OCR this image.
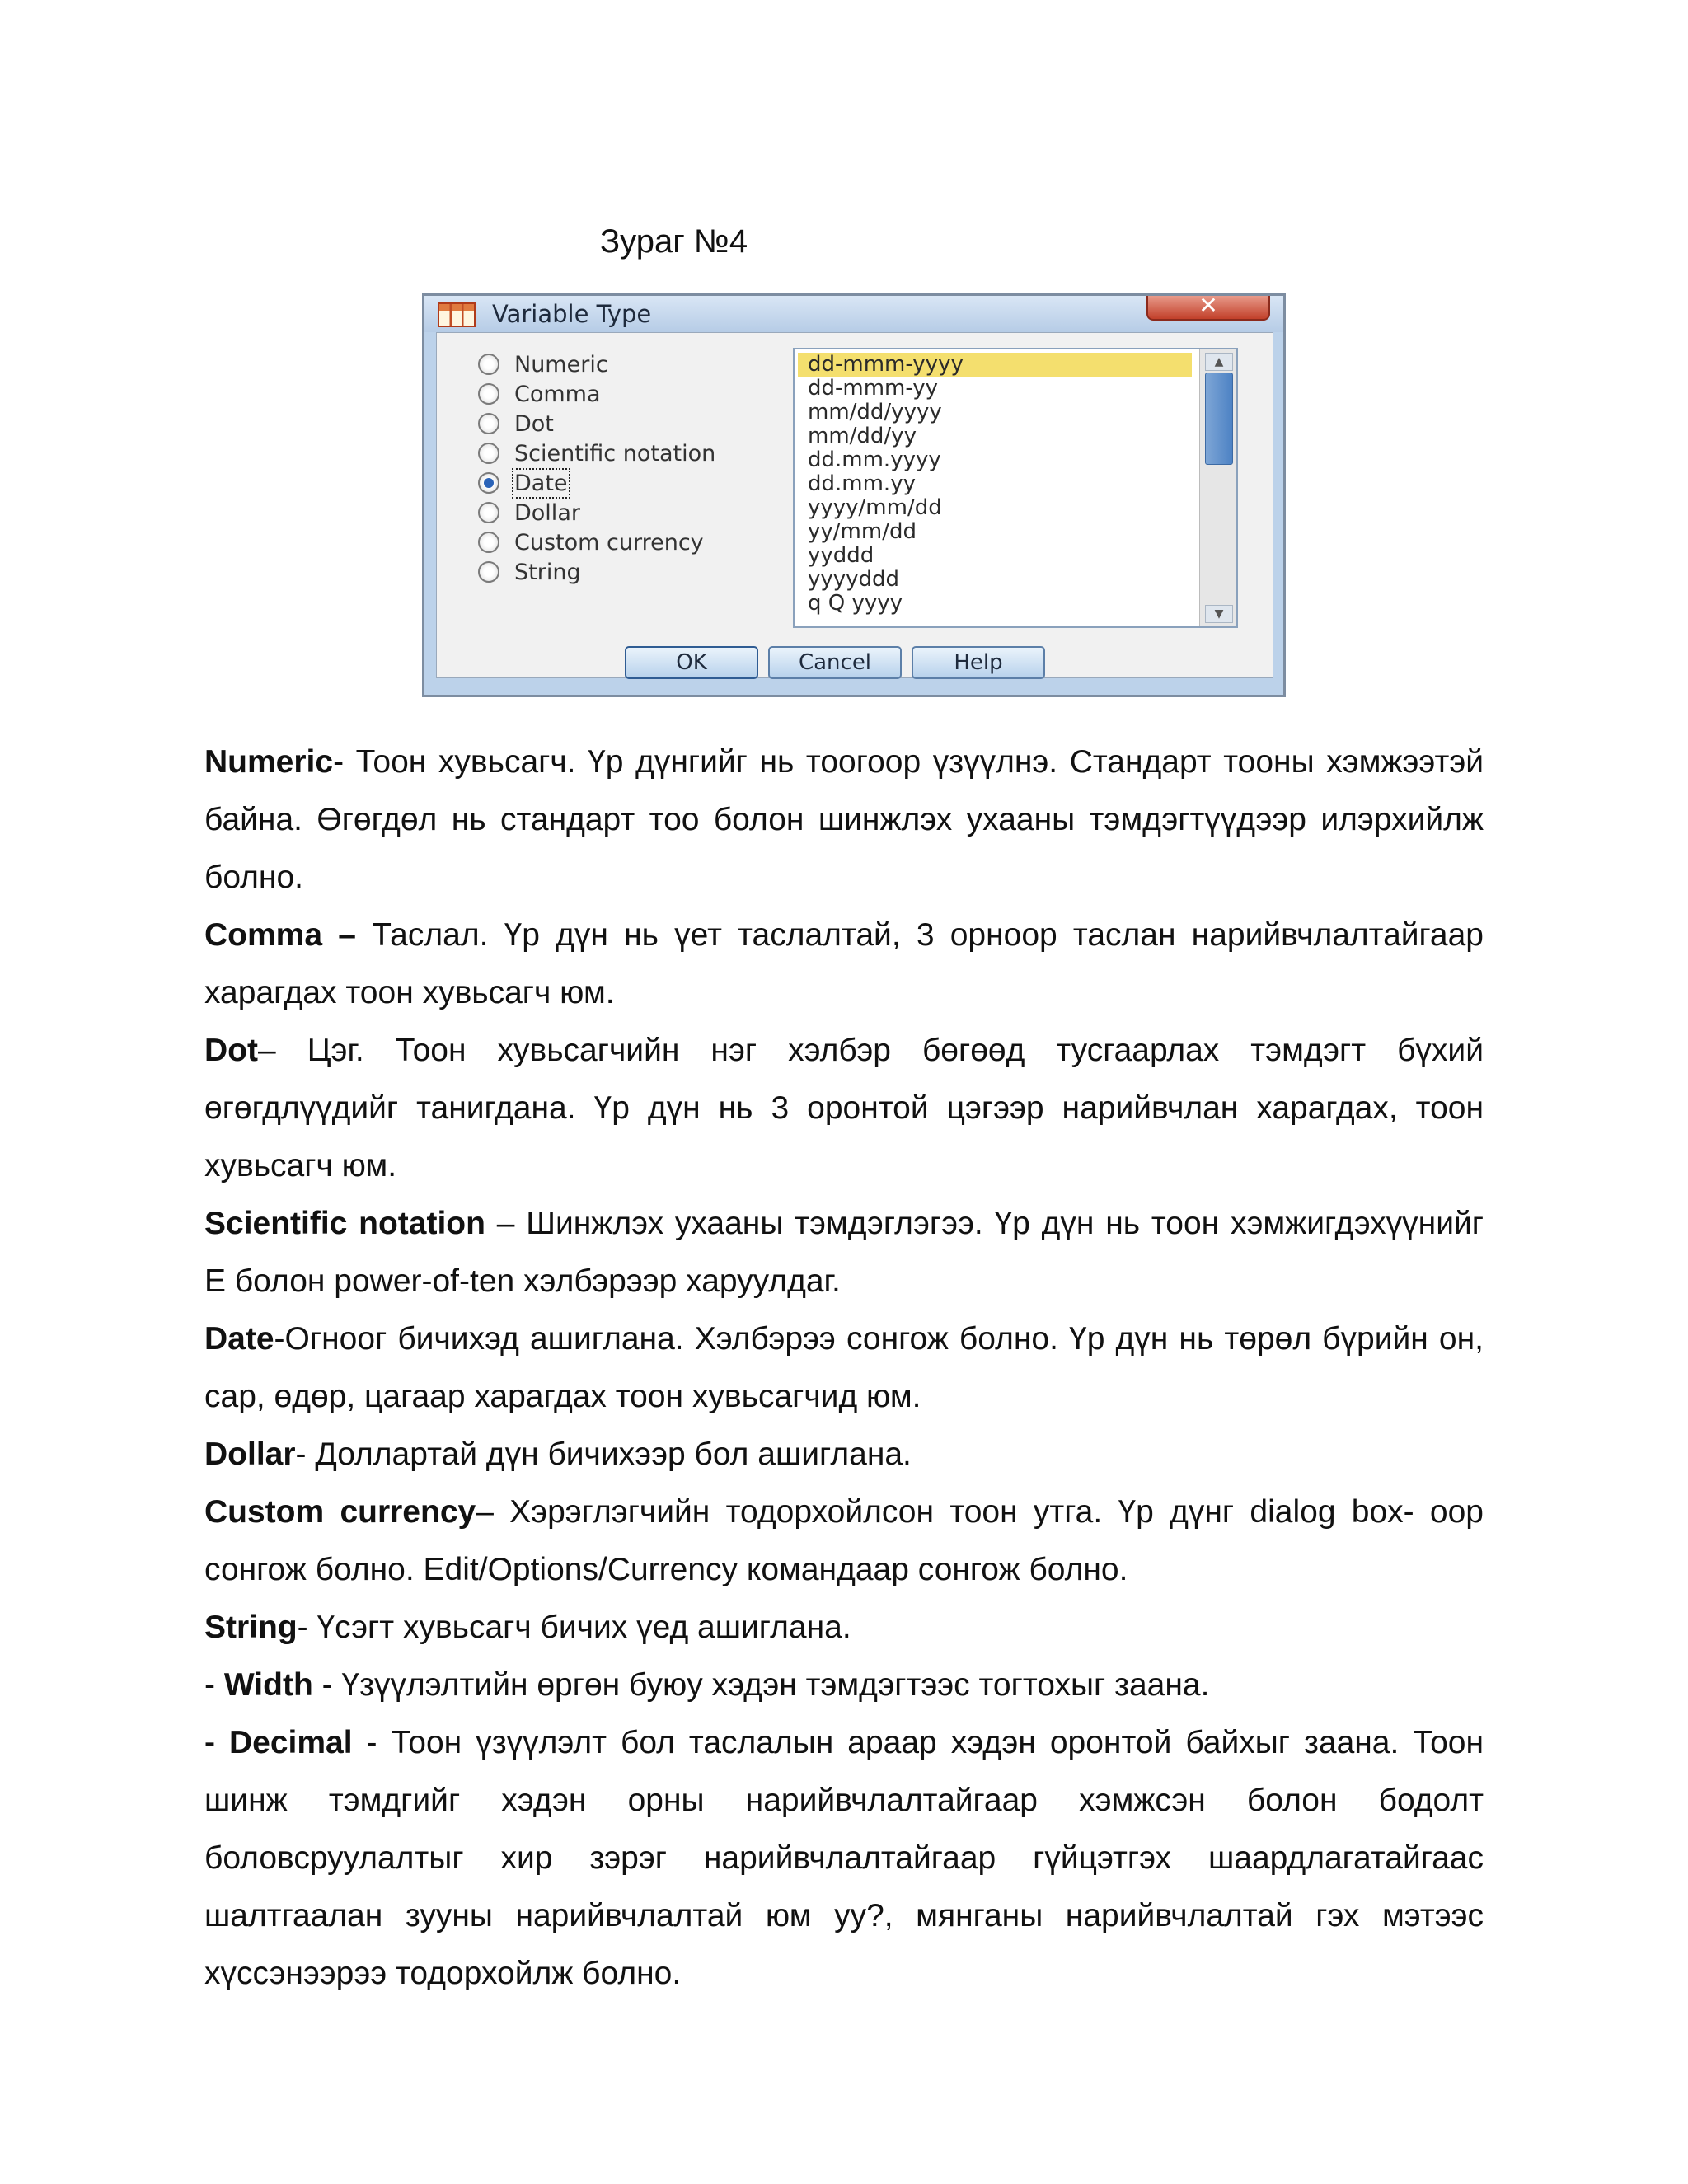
Зураг №4
Variable Type	✕
Numeric
Comma
Dot
Scientific notation
Date
Dollar
Custom currency
String
dd-mmm-yyyy
dd-mmm-yy
mm/dd/yyyy
mm/dd/yy
dd.mm.yyyy
dd.mm.yy
yyyy/mm/dd
yy/mm/dd
yyddd
yyyyddd
q Q yyyy
▲
▼
OK	Cancel	Help

Numeric- Тоон хувьсагч. Үр дүнгийг нь тоогоор үзүүлнэ. Стандарт тооны хэмжээтэй байна. Өгөгдөл нь стандарт тоо болон шинжлэх ухааны тэмдэгтүүдээр илэрхийлж болно.

Comma – Таслал. Үр дүн нь үет таслалтай, 3 орноор таслан нарийвчлалтайгаар харагдах тоон хувьсагч юм.

Dot– Цэг. Тоон хувьсагчийн нэг хэлбэр бөгөөд тусгаарлах тэмдэгт бүхий өгөгдлүүдийг танигдана. Үр дүн нь 3 оронтой цэгээр нарийвчлан харагдах, тоон хувьсагч юм.

Scientific notation – Шинжлэх ухааны тэмдэглэгээ. Үр дүн нь тоон хэмжигдэхүүнийг E болон power-of-ten хэлбэрээр харуулдаг.

Date-Огноог бичихэд ашиглана. Хэлбэрээ сонгож болно. Үр дүн нь төрөл бүрийн он, сар, өдөр, цагаар харагдах тоон хувьсагчид юм.

Dollar- Доллартай дүн бичихээр бол ашиглана.

Custom currency– Хэрэглэгчийн тодорхойлсон тоон утга. Үр дүнг dialog box- оор сонгож болно. Edit/Options/Currency командаар сонгож болно.

String- Үсэгт хувьсагч бичих үед ашиглана.

- Width - Үзүүлэлтийн өргөн буюу хэдэн тэмдэгтээс тогтохыг заана.

- Decimal - Тоон үзүүлэлт бол таслалын араар хэдэн оронтой байхыг заана. Тоон шинж тэмдгийг хэдэн орны нарийвчлалтайгаар хэмжсэн болон бодолт боловсруулалтыг хир зэрэг нарийвчлалтайгаар гүйцэтгэх шаардлагатайгаас шалтгаалан зууны нарийвчлалтай юм уу?, мянганы нарийвчлалтай гэх мэтээс хүссэнээрээ тодорхойлж болно.
